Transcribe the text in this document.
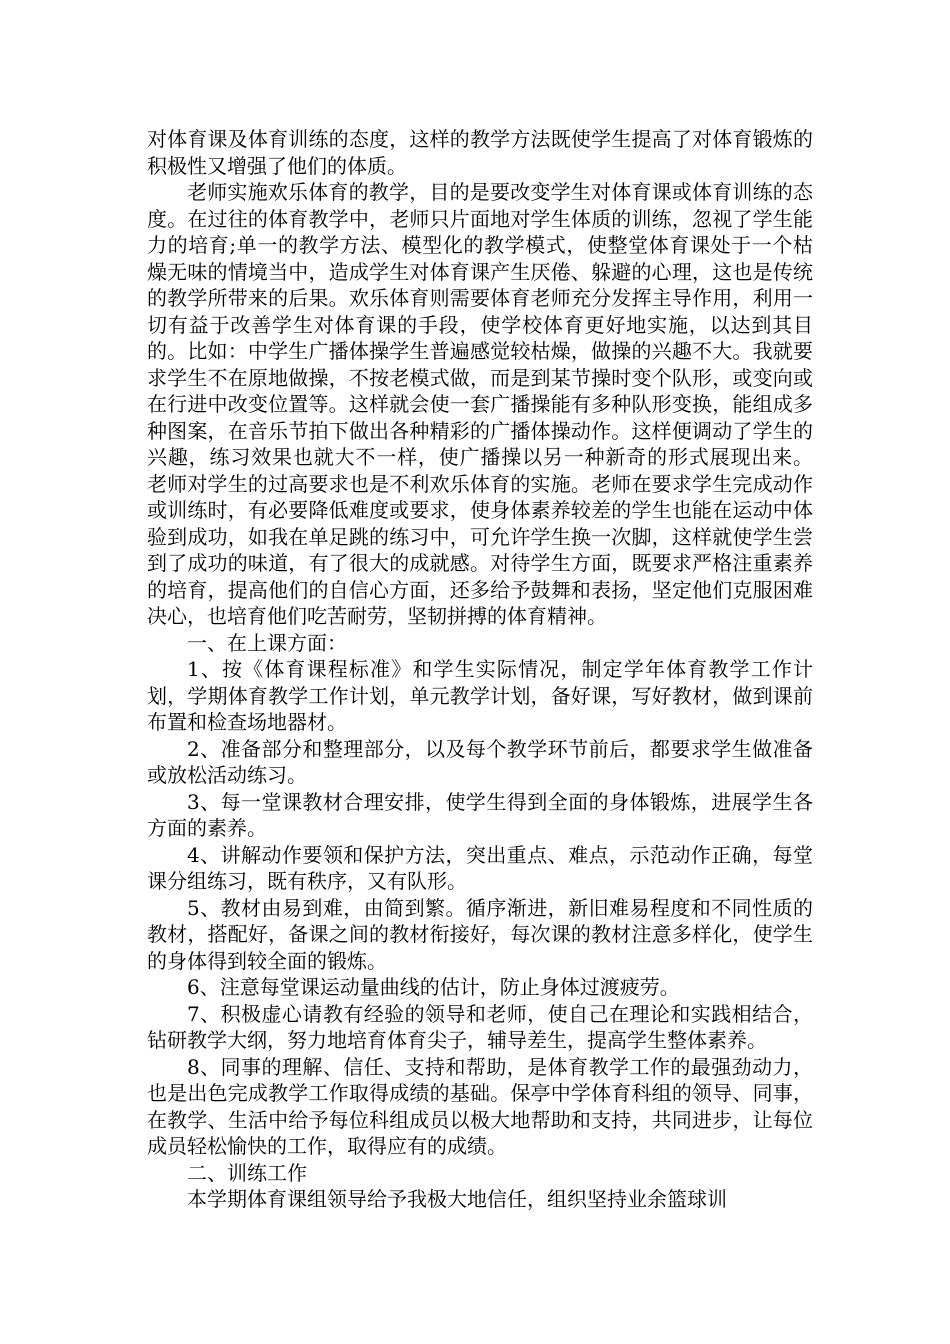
对体育课及体育训练的态度，这样的教学方法既使学生提高了对体育锻炼的积极性又增强了他们的体质。

老师实施欢乐体育的教学，目的是要改变学生对体育课或体育训练的态度。在过往的体育教学中，老师只片面地对学生体质的训练，忽视了学生能力的培育;单一的教学方法、模型化的教学模式，使整堂体育课处于一个枯燥无味的情境当中，造成学生对体育课产生厌倦、躲避的心理，这也是传统的教学所带来的后果。欢乐体育则需要体育老师充分发挥主导作用，利用一切有益于改善学生对体育课的手段，使学校体育更好地实施，以达到其目的。比如：中学生广播体操学生普遍感觉较枯燥，做操的兴趣不大。我就要求学生不在原地做操，不按老模式做，而是到某节操时变个队形，或变向或在行进中改变位置等。这样就会使一套广播操能有多种队形变换，能组成多种图案，在音乐节拍下做出各种精彩的广播体操动作。这样便调动了学生的兴趣，练习效果也就大不一样，使广播操以另一种新奇的形式展现出来。 老师对学生的过高要求也是不利欢乐体育的实施。老师在要求学生完成动作或训练时，有必要降低难度或要求，使身体素养较差的学生也能在运动中体验到成功，如我在单足跳的练习中，可允许学生换一次脚，这样就使学生尝到了成功的味道，有了很大的成就感。对待学生方面，既要求严格注重素养的培育，提高他们的自信心方面，还多给予鼓舞和表扬，坚定他们克服困难决心，也培育他们吃苦耐劳，坚韧拼搏的体育精神。

一、在上课方面：

1、按《体育课程标准》和学生实际情况，制定学年体育教学工作计划，学期体育教学工作计划，单元教学计划，备好课，写好教材，做到课前布置和检查场地器材。

2、准备部分和整理部分，以及每个教学环节前后，都要求学生做准备或放松活动练习。

3、每一堂课教材合理安排，使学生得到全面的身体锻炼，进展学生各方面的素养。

4、讲解动作要领和保护方法，突出重点、难点，示范动作正确，每堂课分组练习，既有秩序，又有队形。

5、教材由易到难，由简到繁。循序渐进，新旧难易程度和不同性质的教材，搭配好，备课之间的教材衔接好，每次课的教材注意多样化，使学生的身体得到较全面的锻炼。

6、注意每堂课运动量曲线的估计，防止身体过渡疲劳。

7、积极虚心请教有经验的领导和老师，使自己在理论和实践相结合，钻研教学大纲，努力地培育体育尖子，辅导差生，提高学生整体素养。

8、同事的理解、信任、支持和帮助，是体育教学工作的最强劲动力，也是出色完成教学工作取得成绩的基础。保亭中学体育科组的领导、同事，在教学、生活中给予每位科组成员以极大地帮助和支持，共同进步，让每位成员轻松愉快的工作，取得应有的成绩。

二、训练工作

本学期体育课组领导给予我极大地信任，组织坚持业余篮球训
